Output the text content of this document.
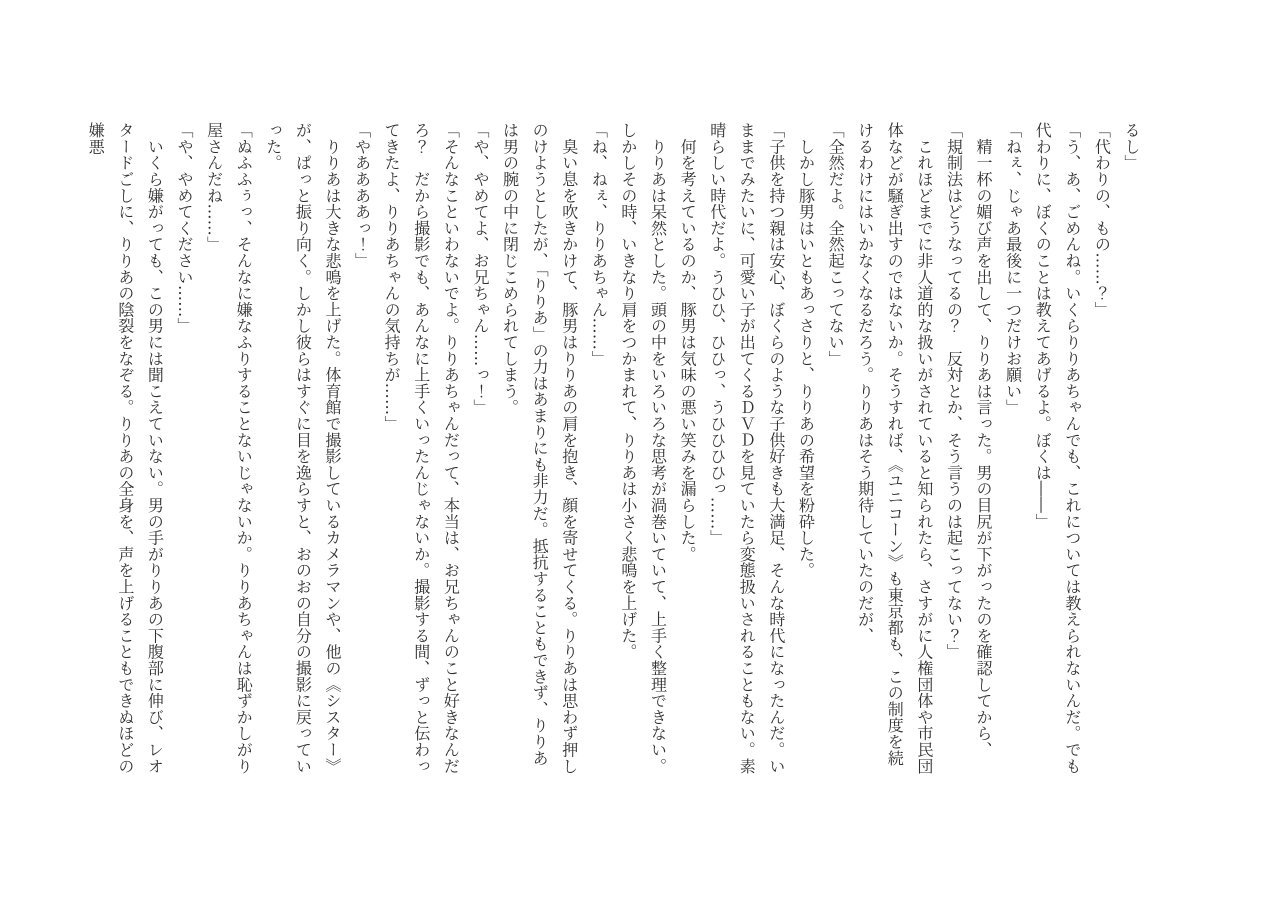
るし」

「代わりの、もの……？」

「う、あ、ごめんね。いくらりりあちゃんでも、これについては教えられないんだ。でも代わりに、ぼくのことは教えてあげるよ。ぼくは――」

「ねぇ、じゃあ最後に一つだけお願い」

　精一杯の媚び声を出して、りりあは言った。男の目尻が下がったのを確認してから、

「規制法はどうなってるの？　反対とか、そう言うのは起こってない？」

　これほどまでに非人道的な扱いがされていると知られたら、さすがに人権団体や市民団体などが騒ぎ出すのではないか。そうすれば、《ユニコーン》も東京都も、この制度を続けるわけにはいかなくなるだろう。りりあはそう期待していたのだが、

「全然だよ。全然起こってない」

　しかし豚男はいともあっさりと、りりあの希望を粉砕した。

「子供を持つ親は安心、ぼくらのような子供好きも大満足、そんな時代になったんだ。いままでみたいに、可愛い子が出てくるＤＶＤを見ていたら変態扱いされることもない。素晴らしい時代だよ。うひひ、ひひっ、うひひひひっ……」

　何を考えているのか、豚男は気味の悪い笑みを漏らした。

　りりあは呆然とした。頭の中をいろいろな思考が渦巻いていて、上手く整理できない。しかしその時、いきなり肩をつかまれて、りりあは小さく悲鳴を上げた。

「ね、ねぇ、りりあちゃん……」

　臭い息を吹きかけて、豚男はりりあの肩を抱き、顔を寄せてくる。りりあは思わず押しのけようとしたが、「りりあ」の力はあまりにも非力だ。抵抗することもできず、りりあは男の腕の中に閉じこめられてしまう。

「や、やめてよ、お兄ちゃん……っ！」

「そんなこといわないでよ。りりあちゃんだって、本当は、お兄ちゃんのこと好きなんだろ？　だから撮影でも、あんなに上手くいったんじゃないか。撮影する間、ずっと伝わってきたよ、りりあちゃんの気持ちが……」

「やああああっ！」

　りりあは大きな悲鳴を上げた。体育館で撮影しているカメラマンや、他の《シスター》が、ぱっと振り向く。しかし彼らはすぐに目を逸らすと、おのおの自分の撮影に戻っていった。

「ぬふふぅっ、そんなに嫌なふりすることないじゃないか。りりあちゃんは恥ずかしがり屋さんだね……」

「や、やめてください……」

　いくら嫌がっても、この男には聞こえていない。男の手がりりあの下腹部に伸び、レオタードごしに、りりあの陰裂をなぞる。りりあの全身を、声を上げることもできぬほどの嫌悪
